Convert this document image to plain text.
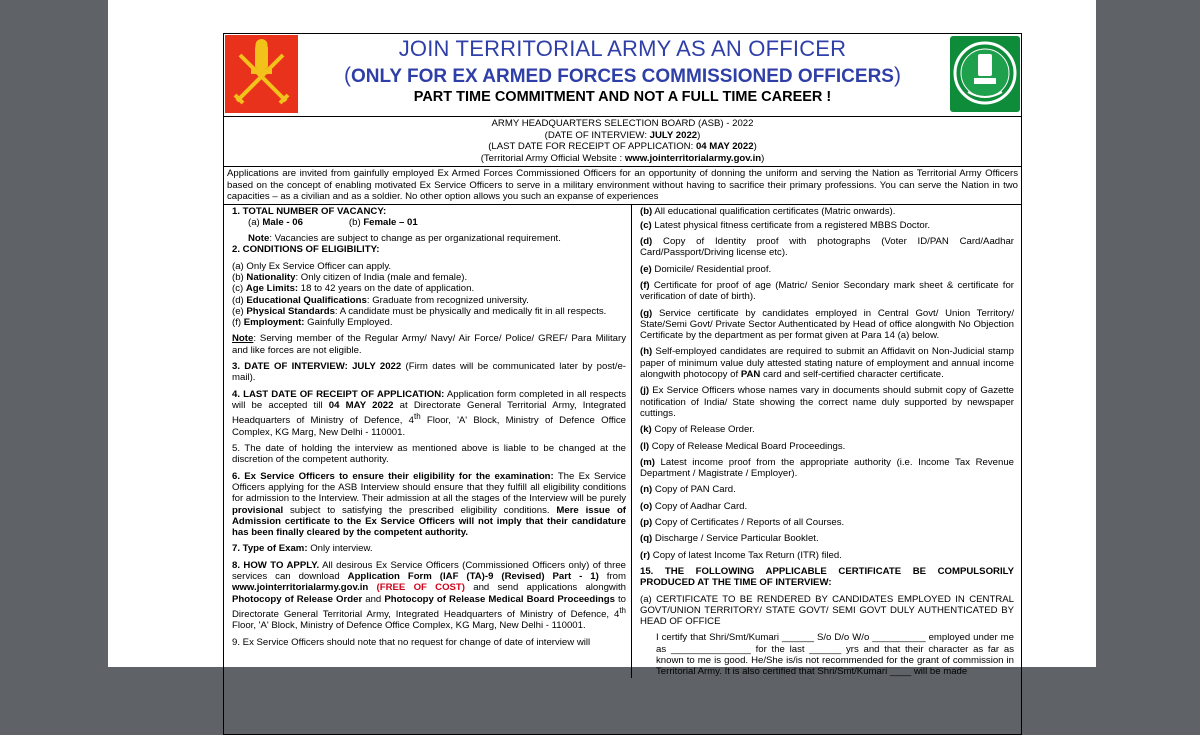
JOIN TERRITORIAL ARMY AS AN OFFICER
(ONLY FOR EX ARMED FORCES COMMISSIONED OFFICERS)
PART TIME COMMITMENT AND NOT A FULL TIME CAREER !
ARMY HEADQUARTERS SELECTION BOARD (ASB) - 2022
(DATE OF INTERVIEW: JULY 2022)
(LAST DATE FOR RECEIPT OF APPLICATION: 04 MAY 2022)
(Territorial Army Official Website : www.jointerritorialarmy.gov.in)
Applications are invited from gainfully employed Ex Armed Forces Commissioned Officers for an opportunity of donning the uniform and serving the Nation as Territorial Army Officers based on the concept of enabling motivated Ex Service Officers to serve in a military environment without having to sacrifice their primary professions. You can serve the Nation in two capacities – as a civilian and as a soldier. No other option allows you such an expanse of experiences
1. TOTAL NUMBER OF VACANCY:
(a) Male - 06	(b) Female – 01
Note: Vacancies are subject to change as per organizational requirement.
2. CONDITIONS OF ELIGIBILITY:
(a) Only Ex Service Officer can apply.
(b) Nationality: Only citizen of India (male and female).
(c) Age Limits: 18 to 42 years on the date of application.
(d) Educational Qualifications: Graduate from recognized university.
(e) Physical Standards: A candidate must be physically and medically fit in all respects.
(f) Employment: Gainfully Employed.
Note: Serving member of the Regular Army/ Navy/ Air Force/ Police/ GREF/ Para Military and like forces are not eligible.
3. DATE OF INTERVIEW: JULY 2022 (Firm dates will be communicated later by post/e-mail).
4. LAST DATE OF RECEIPT OF APPLICATION: Application form completed in all respects will be accepted till 04 MAY 2022 at Directorate General Territorial Army, Integrated Headquarters of Ministry of Defence, 4th Floor, 'A' Block, Ministry of Defence Office Complex, KG Marg, New Delhi - 110001.
5. The date of holding the interview as mentioned above is liable to be changed at the discretion of the competent authority.
6. Ex Service Officers to ensure their eligibility for the examination: The Ex Service Officers applying for the ASB Interview should ensure that they fulfill all eligibility conditions for admission to the Interview. Their admission at all the stages of the Interview will be purely provisional subject to satisfying the prescribed eligibility conditions. Mere issue of Admission certificate to the Ex Service Officers will not imply that their candidature has been finally cleared by the competent authority.
7. Type of Exam: Only interview.
8. HOW TO APPLY. All desirous Ex Service Officers (Commissioned Officers only) of three services can download Application Form (IAF (TA)-9 (Revised) Part - 1) from www.jointerritorialarmy.gov.in (FREE OF COST) and send applications alongwith Photocopy of Release Order and Photocopy of Release Medical Board Proceedings to Directorate General Territorial Army, Integrated Headquarters of Ministry of Defence, 4th Floor, 'A' Block, Ministry of Defence Office Complex, KG Marg, New Delhi - 110001.
9. Ex Service Officers should note that no request for change of date of interview will
(b) All educational qualification certificates (Matric onwards).
(c) Latest physical fitness certificate from a registered MBBS Doctor.
(d) Copy of Identity proof with photographs (Voter ID/PAN Card/Aadhar Card/Passport/Driving license etc).
(e) Domicile/ Residential proof.
(f) Certificate for proof of age (Matric/ Senior Secondary mark sheet & certificate for verification of date of birth).
(g) Service certificate by candidates employed in Central Govt/ Union Territory/ State/Semi Govt/ Private Sector Authenticated by Head of office alongwith No Objection Certificate by the department as per format given at Para 14 (a) below.
(h) Self-employed candidates are required to submit an Affidavit on Non-Judicial stamp paper of minimum value duly attested stating nature of employment and annual income alongwith photocopy of PAN card and self-certified character certificate.
(j) Ex Service Officers whose names vary in documents should submit copy of Gazette notification of India/ State showing the correct name duly supported by newspaper cuttings.
(k) Copy of Release Order.
(l) Copy of Release Medical Board Proceedings.
(m) Latest income proof from the appropriate authority (i.e. Income Tax Revenue Department / Magistrate / Employer).
(n) Copy of PAN Card.
(o) Copy of Aadhar Card.
(p) Copy of Certificates / Reports of all Courses.
(q) Discharge / Service Particular Booklet.
(r) Copy of latest Income Tax Return (ITR) filed.
15. THE FOLLOWING APPLICABLE CERTIFICATE BE COMPULSORILY PRODUCED AT THE TIME OF INTERVIEW:
(a) CERTIFICATE TO BE RENDERED BY CANDIDATES EMPLOYED IN CENTRAL GOVT/UNION TERRITORY/ STATE GOVT/ SEMI GOVT DULY AUTHENTICATED BY HEAD OF OFFICE
I certify that Shri/Smt/Kumari ______ S/o D/o W/o __________ employed under me as _______________ for the last ______ yrs and that their character as far as known to me is good. He/She is/is not recommended for the grant of commission in Territorial Army. It is also certified that Shri/Smt/Kumari ____ will be made
